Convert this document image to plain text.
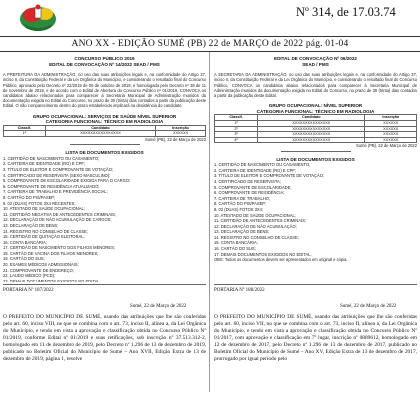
Nº 314, de 17.03.74
ANO XX - EDIÇÃO SUMÉ (PB) 22 de MARÇO de 2022 pág. 01-04
CONCURSO PÚBLICO 2019
EDITAL DE CONVOCAÇÃO Nº 14/2022 SEAD / PMS
A PREFEITURA DA ADMINISTRAÇÃO, no uso das suas atribuições legais e, na conformidade do Artigo 37, inciso II, da Constituição Federal e da Lei Orgânica do Município, e considerando o resultado final do Concurso Público, aprovado pelo Decreto nº 22/2019 de 05 de outubro de 2019, e homologado pelo Decreto nº 38 de 11 de novembro de 2019, e de acordo com o Edital de Abertura do Concurso Público nº 01/2019, CONVOCA os candidatos abaixo relacionados para comparecer à Secretaria Municipal de Administração munidos da documentação exigida no Edital do Concurso, no prazo de 30 (trinta) dias contados a partir da publicação deste Edital. O não comparecimento dentro do prazo estabelecido implicará na desistência do candidato.
GRUPO OCUPACIONAL: SERVIÇOS DE SAÚDE NÍVEL SUPERIOR
CATEGORIA FUNCIONAL: TÉCNICO EM RADIOLOGIA
Classif.	Candidato	Inscrição
1º	XXXXXXXXXXXXXXXX	XXXXXX
Sumé (PB), 22 de Março de 2022
LISTA DE DOCUMENTOS EXIGIDOS
1. CERTIDÃO DE NASCIMENTO OU CASAMENTO;
2. CARTEIRA DE IDENTIDADE (RG) E CPF;
3. TÍTULO DE ELEITOR E COMPROVANTE DE VOTAÇÃO;
4. CERTIFICADO DE RESERVISTA (SEXO MASCULINO);
5. COMPROVANTE DE ESCOLARIDADE EXIGIDA PARA O CARGO;
6. COMPROVANTE DE RESIDÊNCIA ATUALIZADO;
7. CARTEIRA DE TRABALHO E PREVIDÊNCIA SOCIAL;
8. CARTÃO DO PIS/PASEP;
9. 02 (DUAS) FOTOS 3X4 RECENTES;
10. ATESTADO DE SAÚDE OCUPACIONAL;
11. CERTIDÃO NEGATIVA DE ANTECEDENTES CRIMINAIS;
12. DECLARAÇÃO DE NÃO ACUMULAÇÃO DE CARGOS;
13. DECLARAÇÃO DE BENS;
14. REGISTRO NO CONSELHO DE CLASSE;
15. CERTIDÃO DE QUITAÇÃO ELEITORAL;
16. CONTA BANCÁRIA;
17. CERTIDÃO DE NASCIMENTO DOS FILHOS MENORES;
18. CARTÃO DE VACINA DOS FILHOS MENORES;
19. CARTÃO DO SUS;
20. EXAMES MÉDICOS ADMISSIONAIS;
21. COMPROVANTE DE ENDEREÇO;
22. LAUDO MÉDICO (PCD);
23. DEMAIS DOCUMENTOS EXIGIDOS NO EDITAL.
EDITAL DE CONVOCAÇÃO Nº 06/2022
SEAD / PMS
A SECRETARIA DA ADMINISTRAÇÃO, no uso das suas atribuições legais e, na conformidade do Artigo 37, inciso II, da Constituição Federal e da Lei Orgânica do Município, e considerando o resultado final do Concurso Público, CONVOCA os candidatos abaixo relacionados para comparecer à Secretaria Municipal de Administração munidos da documentação exigida no Edital do Concurso, no prazo de 30 (trinta) dias contados a partir da publicação deste Edital.
GRUPO OCUPACIONAL: NÍVEL SUPERIOR
CATEGORIA FUNCIONAL: TÉCNICO EM RADIOLOGIA
Classif.	Candidato	Inscrição
1º	XXXXXXXXXXXXXXX	XXXXXX
2º	XXXXXXXXXXXXXXX	XXXXXX
3º	XXXXXXXXXXXXXXX	XXXXXX
4º	XXXXXXXXXXXXXXX	XXXXXX
Sumé (PB), 22 de Março de 2022
LISTA DE DOCUMENTOS EXIGIDOS
1. CERTIDÃO DE NASCIMENTO OU CASAMENTO;
2. CARTEIRA DE IDENTIDADE (RG) E CPF;
3. TÍTULO DE ELEITOR E COMPROVANTE DE VOTAÇÃO;
4. CERTIFICADO DE RESERVISTA;
5. COMPROVANTE DE ESCOLARIDADE;
6. COMPROVANTE DE RESIDÊNCIA;
7. CARTEIRA DE TRABALHO;
8. CARTÃO DO PIS/PASEP;
9. 02 (DUAS) FOTOS 3X4;
10. ATESTADO DE SAÚDE OCUPACIONAL;
11. CERTIDÃO DE ANTECEDENTES CRIMINAIS;
12. DECLARAÇÃO DE NÃO ACUMULAÇÃO;
13. DECLARAÇÃO DE BENS;
14. REGISTRO NO CONSELHO DE CLASSE;
15. CONTA BANCÁRIA;
16. CARTÃO DO SUS;
17. DEMAIS DOCUMENTOS EXIGIDOS NO EDITAL.
OBS: Todos os documentos devem ser apresentados em original e cópia.
PORTARIA Nº 187/2022	PORTARIA Nº 188/2022
Sumé, 22 de Março de 2022	Sumé, 22 de Março de 2022
O PREFEITO DO MUNICÍPIO DE SUMÉ, usando das atribuições que lhe são conferidas pelo art. 60, inciso VIII, ne que se combina com o art. 73, inciso II, alínea a, da Lei Orgânica do Município, e tendo em vista a aprovação e classificação obtida no Concurso Público Nº 01/2019, conforme Edital nº 01/2019 e suas retificações, sob inscrição nº 37.513.312-2, homologado em 11 de dezembro de 2019, pelo Decreto nº 1.296 de 13 de dezembro de 2019, publicado no Boletim Oficial do Município de Sumé – Ano XVII, Edição Extra de 13 de dezembro de 2019, página 1, resolve
O PREFEITO DO MUNICÍPIO DE SUMÉ, usando das atribuições que lhe são conferidas pelo art. 60, inciso VII, no que se combina com o art. 73, inciso II, alínea a, da Lei Orgânica do Município, e tendo em vista a aprovação e classificação obtida no Concurso Público Nº 01/2017, com aprovação e classificação em 7º lugar, inscrição nº 0889612, homologado em 12 de dezembro de 2017, pelo Decreto nº 1.296 de 13 de dezembro de 2017, publicado no Boletim Oficial do Município de Sumé – Ano XV, Edição Extra de 13 de dezembro de 2017, prorrogado por igual período pelo
